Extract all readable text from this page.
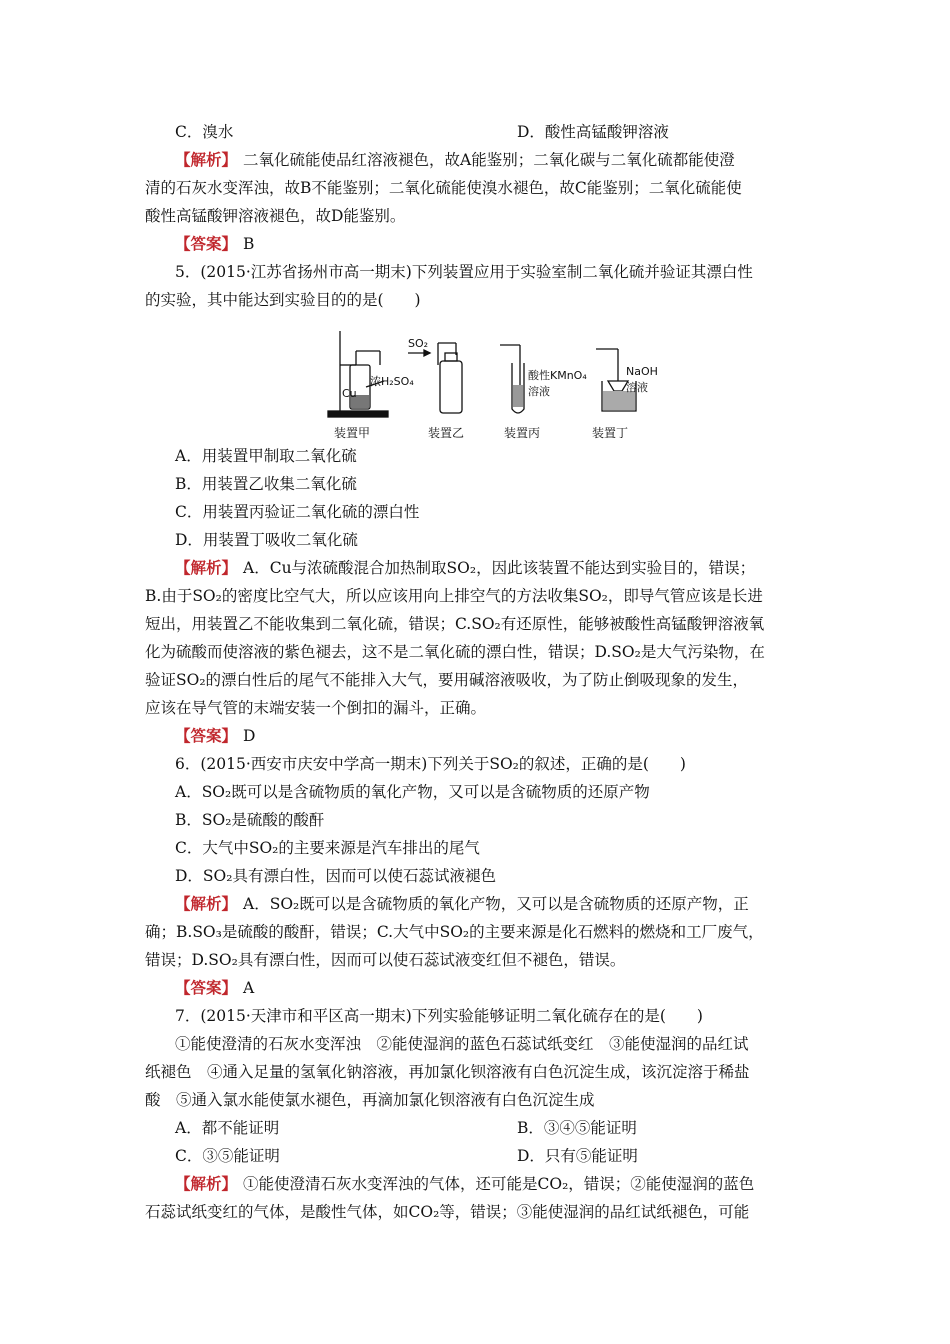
C．溴水	D．酸性高锰酸钾溶液
【解析】 二氧化硫能使品红溶液褪色，故A能鉴别；二氧化碳与二氧化硫都能使澄
清的石灰水变浑浊，故B不能鉴别；二氧化硫能使溴水褪色，故C能鉴别；二氧化硫能使
酸性高锰酸钾溶液褪色，故D能鉴别。
【答案】 B
5．(2015·江苏省扬州市高一期末)下列装置应用于实验室制二氧化硫并验证其漂白性
的实验，其中能达到实验目的的是(　　)
Cu
浓H₂SO₄
SO₂
酸性KMnO₄
溶液
NaOH
溶液
装置甲	装置乙	装置丙	装置丁
A．用装置甲制取二氧化硫
B．用装置乙收集二氧化硫
C．用装置丙验证二氧化硫的漂白性
D．用装置丁吸收二氧化硫
【解析】 A．Cu与浓硫酸混合加热制取SO₂，因此该装置不能达到实验目的，错误；
B.由于SO₂的密度比空气大，所以应该用向上排空气的方法收集SO₂，即导气管应该是长进
短出，用装置乙不能收集到二氧化硫，错误；C.SO₂有还原性，能够被酸性高锰酸钾溶液氧
化为硫酸而使溶液的紫色褪去，这不是二氧化硫的漂白性，错误；D.SO₂是大气污染物，在
验证SO₂的漂白性后的尾气不能排入大气，要用碱溶液吸收，为了防止倒吸现象的发生，
应该在导气管的末端安装一个倒扣的漏斗，正确。
【答案】 D
6．(2015·西安市庆安中学高一期末)下列关于SO₂的叙述，正确的是(　　)
A．SO₂既可以是含硫物质的氧化产物，又可以是含硫物质的还原产物
B．SO₂是硫酸的酸酐
C．大气中SO₂的主要来源是汽车排出的尾气
D．SO₂具有漂白性，因而可以使石蕊试液褪色
【解析】 A．SO₂既可以是含硫物质的氧化产物，又可以是含硫物质的还原产物，正
确；B.SO₃是硫酸的酸酐，错误；C.大气中SO₂的主要来源是化石燃料的燃烧和工厂废气，
错误；D.SO₂具有漂白性，因而可以使石蕊试液变红但不褪色，错误。
【答案】 A
7．(2015·天津市和平区高一期末)下列实验能够证明二氧化硫存在的是(　　)
①能使澄清的石灰水变浑浊　②能使湿润的蓝色石蕊试纸变红　③能使湿润的品红试
纸褪色　④通入足量的氢氧化钠溶液，再加氯化钡溶液有白色沉淀生成，该沉淀溶于稀盐
酸　⑤通入氯水能使氯水褪色，再滴加氯化钡溶液有白色沉淀生成
A．都不能证明	B．③④⑤能证明
C．③⑤能证明	D．只有⑤能证明
【解析】 ①能使澄清石灰水变浑浊的气体，还可能是CO₂，错误；②能使湿润的蓝色
石蕊试纸变红的气体，是酸性气体，如CO₂等，错误；③能使湿润的品红试纸褪色，可能
